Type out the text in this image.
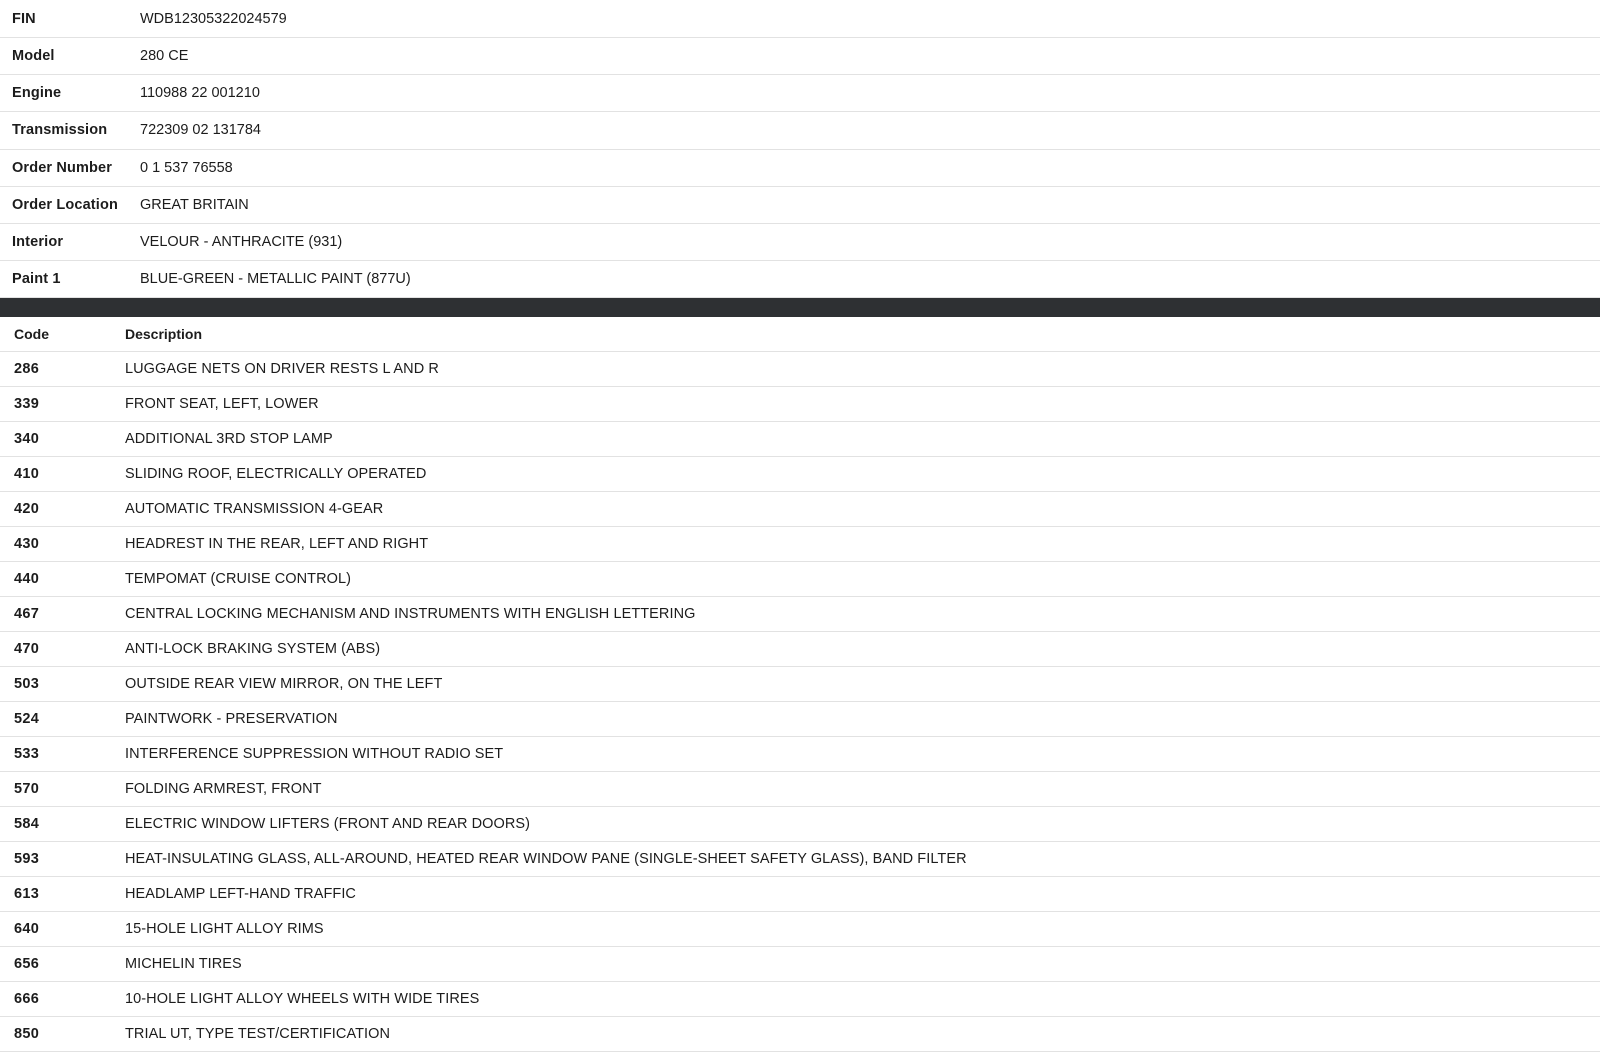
FIN	WDB12305322024579
Model	280 CE
Engine	110988 22 001210
Transmission	722309 02 131784
Order Number	0 1 537 76558
Order Location	GREAT BRITAIN
Interior	VELOUR - ANTHRACITE (931)
Paint 1	BLUE-GREEN - METALLIC PAINT (877U)
Code	Description
286	LUGGAGE NETS ON DRIVER RESTS L AND R
339	FRONT SEAT, LEFT, LOWER
340	ADDITIONAL 3RD STOP LAMP
410	SLIDING ROOF, ELECTRICALLY OPERATED
420	AUTOMATIC TRANSMISSION 4-GEAR
430	HEADREST IN THE REAR, LEFT AND RIGHT
440	TEMPOMAT (CRUISE CONTROL)
467	CENTRAL LOCKING MECHANISM AND INSTRUMENTS WITH ENGLISH LETTERING
470	ANTI-LOCK BRAKING SYSTEM (ABS)
503	OUTSIDE REAR VIEW MIRROR, ON THE LEFT
524	PAINTWORK - PRESERVATION
533	INTERFERENCE SUPPRESSION WITHOUT RADIO SET
570	FOLDING ARMREST, FRONT
584	ELECTRIC WINDOW LIFTERS (FRONT AND REAR DOORS)
593	HEAT-INSULATING GLASS, ALL-AROUND, HEATED REAR WINDOW PANE (SINGLE-SHEET SAFETY GLASS), BAND FILTER
613	HEADLAMP LEFT-HAND TRAFFIC
640	15-HOLE LIGHT ALLOY RIMS
656	MICHELIN TIRES
666	10-HOLE LIGHT ALLOY WHEELS WITH WIDE TIRES
850	TRIAL UT, TYPE TEST/CERTIFICATION
